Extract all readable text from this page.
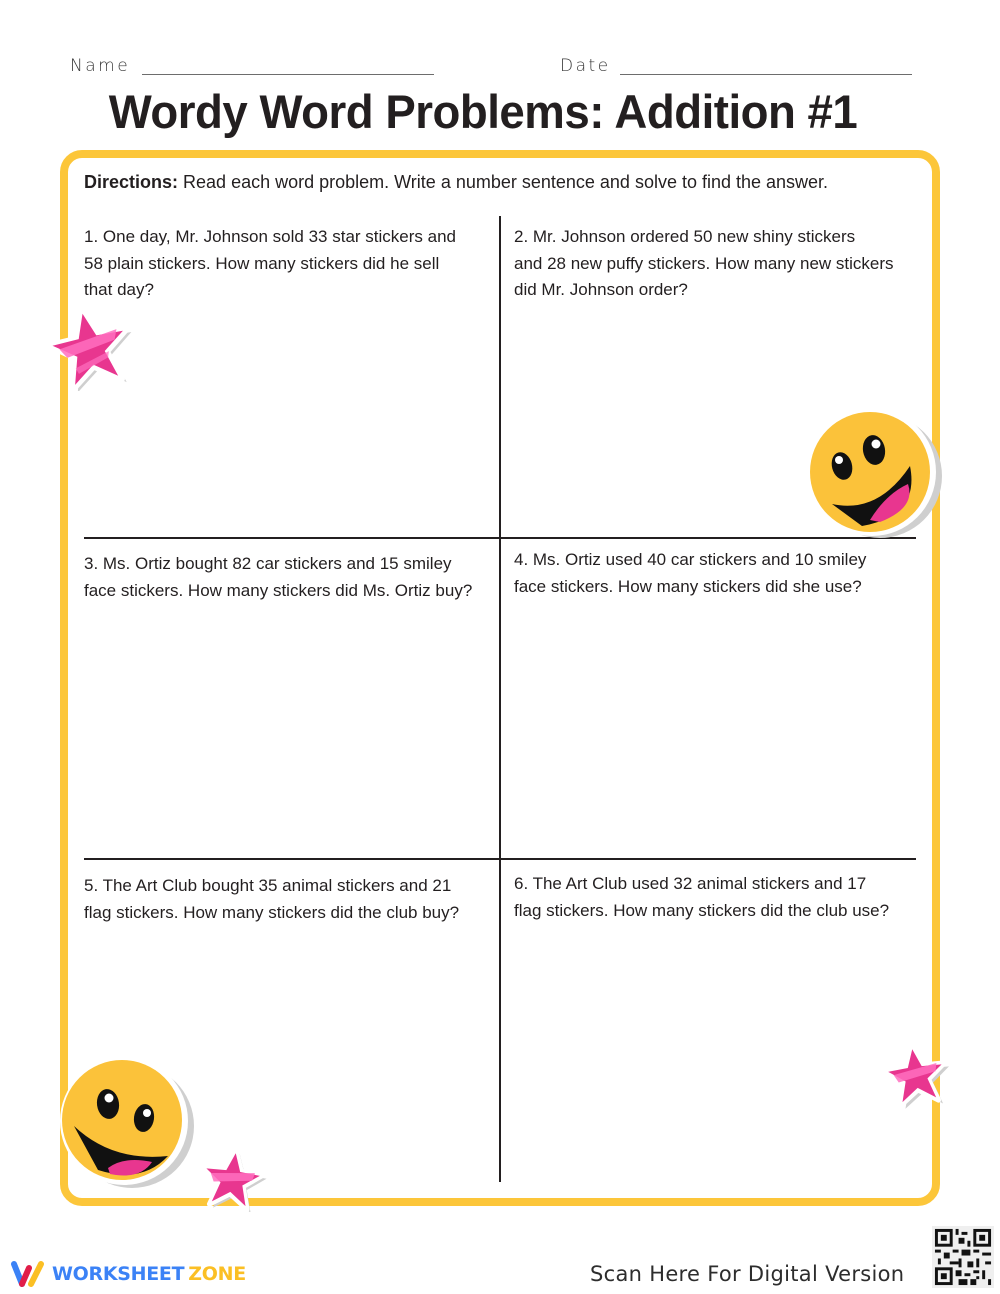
Name	Date
Wordy Word Problems: Addition #1
Directions: Read each word problem. Write a number sentence and solve to find the answer.
1. One day, Mr. Johnson sold 33 star stickers and
58 plain stickers. How many stickers did he sell
that day?
2. Mr. Johnson ordered 50 new shiny stickers
and 28 new puffy stickers. How many new stickers
did Mr. Johnson order?
3. Ms. Ortiz bought 82 car stickers and 15 smiley
face stickers. How many stickers did Ms. Ortiz buy?
4. Ms. Ortiz used 40 car stickers and 10 smiley
face stickers. How many stickers did she use?
5. The Art Club bought 35 animal stickers and 21
flag stickers. How many stickers did the club buy?
6. The Art Club used 32 animal stickers and 17
flag stickers. How many stickers did the club use?
WORKSHEET ZONE	Scan Here For Digital Version
